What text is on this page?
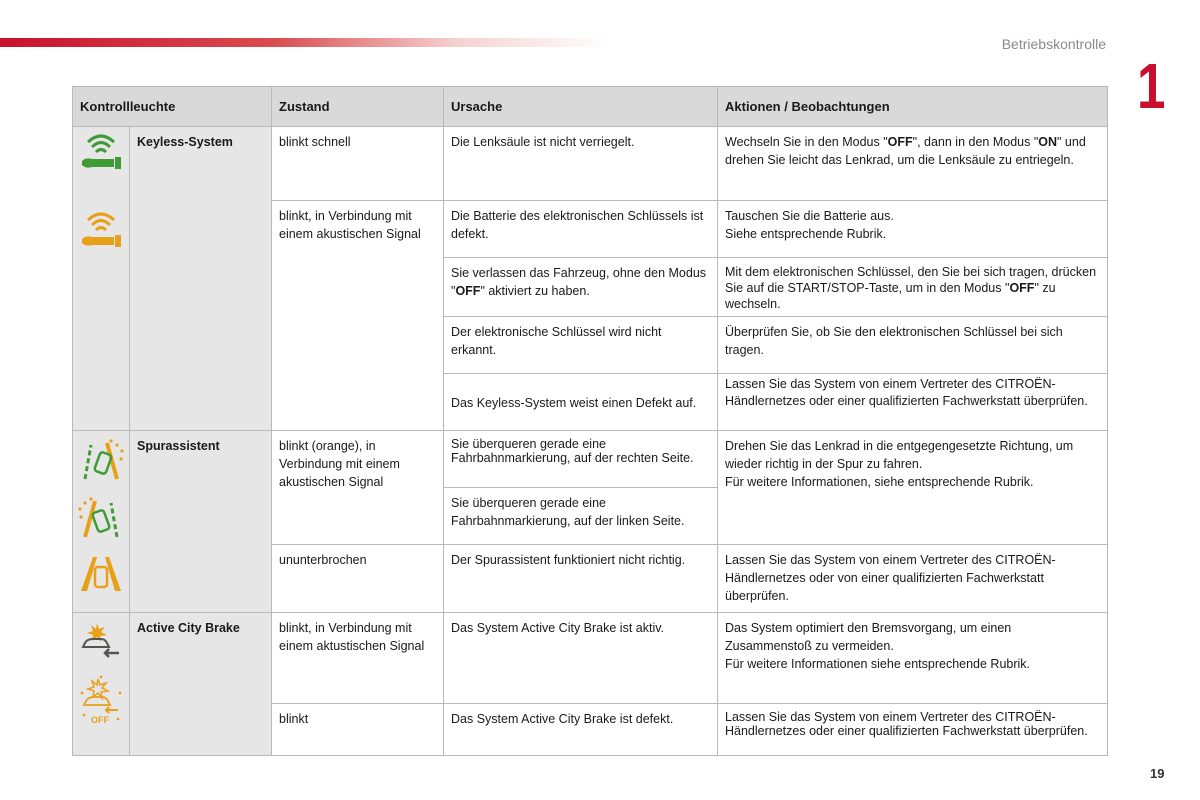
Betriebskontrolle
1
Kontrollleuchte		Zustand	Ursache	Aktionen / Beobachtungen

	Keyless-System	blinkt schnell	Die Lenksäule ist nicht verriegelt.	Wechseln Sie in den Modus "OFF", dann in den Modus "ON" und drehen Sie leicht das Lenkrad, um die Lenksäule zu entriegeln.
		blinkt, in Verbindung mit einem akustischen Signal	Die Batterie des elektronischen Schlüssels ist defekt.	Tauschen Sie die Batterie aus.
Siehe entsprechende Rubrik.

			Sie verlassen das Fahrzeug, ohne den Modus "OFF" aktiviert zu haben.	Mit dem elektronischen Schlüssel, den Sie bei sich tragen, drücken Sie auf die START/STOP-Taste, um in den Modus "OFF" zu wechseln.
			Der elektronische Schlüssel wird nicht erkannt.	Überprüfen Sie, ob Sie den elektronischen Schlüssel bei sich tragen.
			Das Keyless-System weist einen Defekt auf.	Lassen Sie das System von einem Vertreter des CITROËN-Händlernetzes oder einer qualifizierten Fachwerkstatt überprüfen.

	Spurassistent	blinkt (orange), in Verbindung mit einem akustischen Signal	Sie überqueren gerade eine Fahrbahnmarkierung, auf der rechten Seite.	Drehen Sie das Lenkrad in die entgegengesetzte Richtung, um wieder richtig in der Spur zu fahren.
Für weitere Informationen, siehe entsprechende Rubrik.

			Sie überqueren gerade eine Fahrbahnmarkierung, auf der linken Seite.	
		ununterbrochen	Der Spurassistent funktioniert nicht richtig.	Lassen Sie das System von einem Vertreter des CITROËN-Händlernetzes oder von einer qualifizierten Fachwerkstatt überprüfen.

OFF	Active City Brake	blinkt, in Verbindung mit einem aktustischen Signal	Das System Active City Brake ist aktiv.	Das System optimiert den Bremsvorgang, um einen Zusammenstoß zu vermeiden.
Für weitere Informationen siehe entsprechende Rubrik.

		blinkt	Das System Active City Brake ist defekt.	Lassen Sie das System von einem Vertreter des CITROËN-Händlernetzes oder einer qualifizierten Fachwerkstatt überprüfen.
19
